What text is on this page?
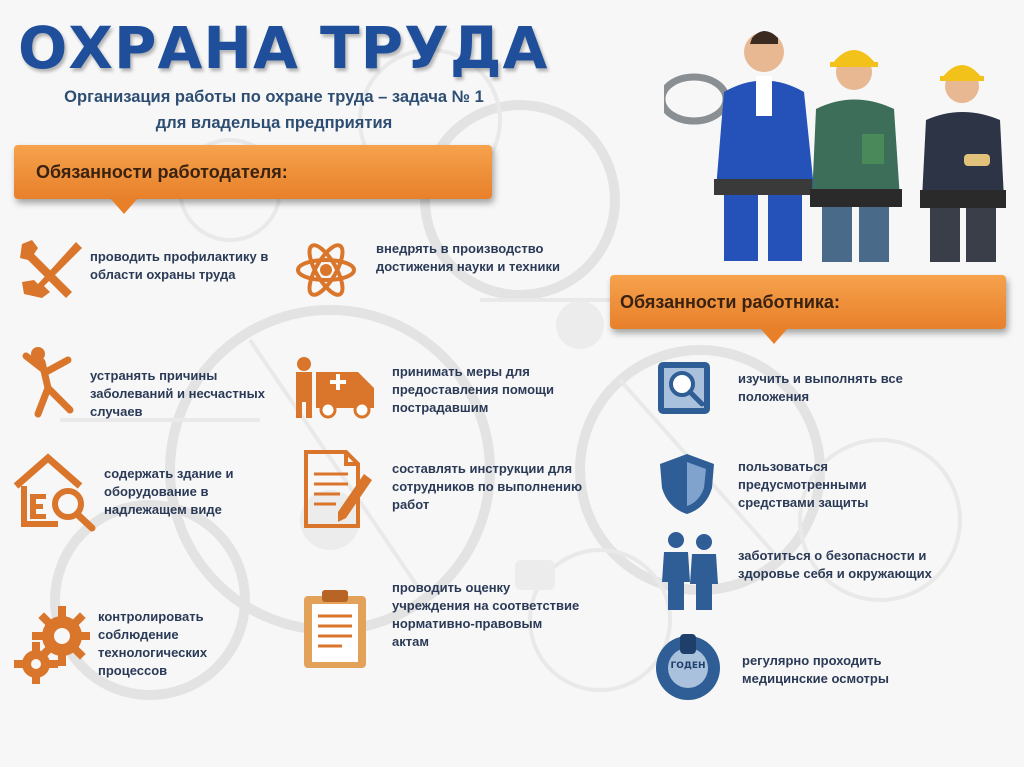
ОХРАНА ТРУДА
Организация работы по охране труда – задача № 1
для владельца предприятия
Обязанности работодателя:
Обязанности работника:

проводить профилактику в области охраны труда

внедрять в производство достижения науки и техники

устранять причины заболеваний и несчастных случаев

принимать меры для предоставления помощи пострадавшим

содержать здание и оборудование в надлежащем виде

составлять инструкции для сотрудников по выполнению работ

контролировать соблюдение технологических процессов

проводить оценку учреждения на соответствие нормативно-правовым актам

изучить и выполнять все положения

пользоваться предусмотренными средствами защиты

заботиться о безопасности и здоровье себя и окружающих

ГОДЕН	регулярно проходить медицинские осмотры
